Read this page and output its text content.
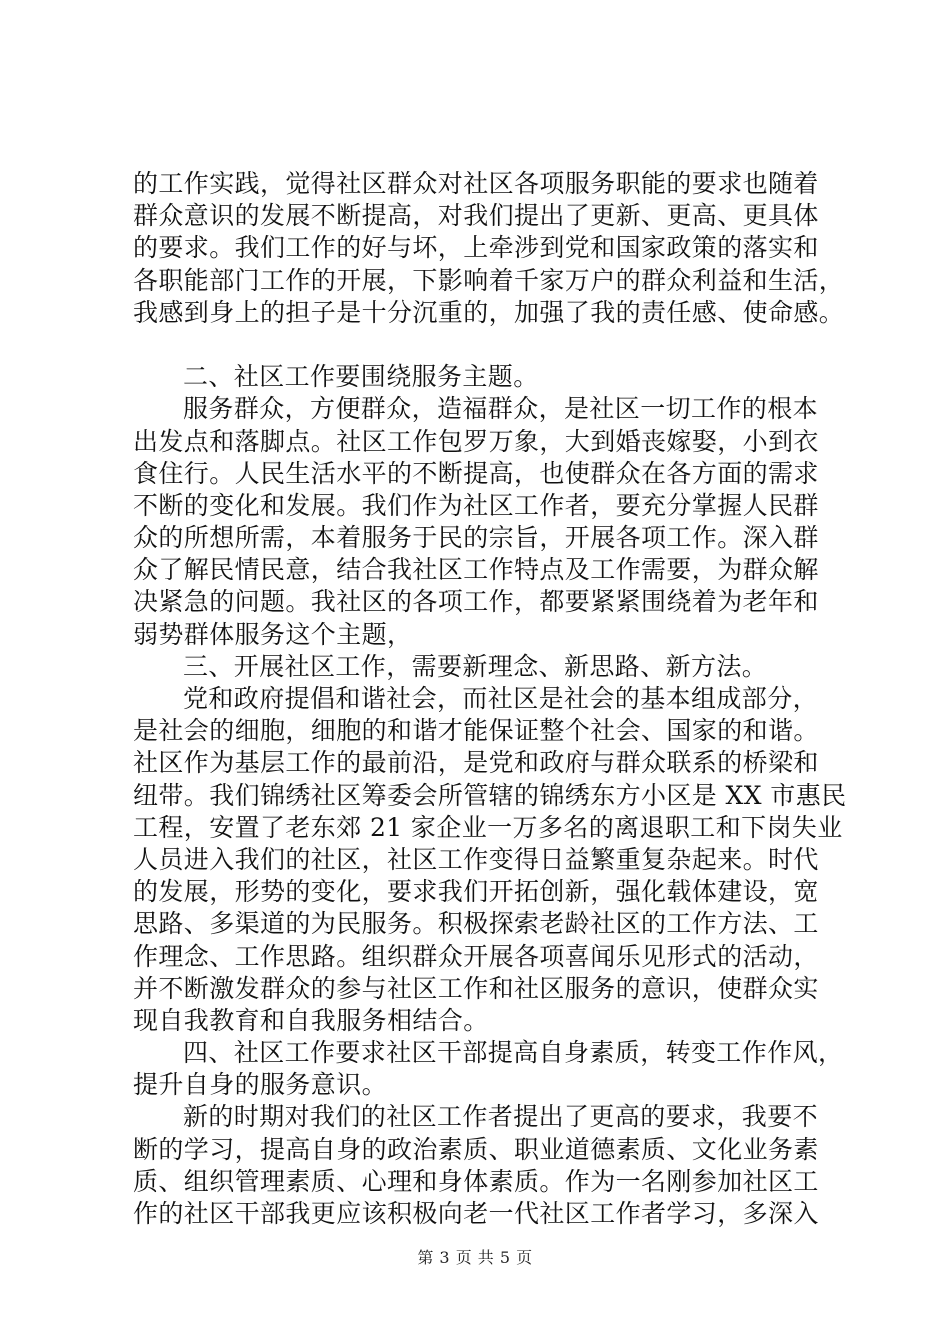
的工作实践，觉得社区群众对社区各项服务职能的要求也随着
群众意识的发展不断提高，对我们提出了更新、更高、更具体
的要求。我们工作的好与坏，上牵涉到党和国家政策的落实和
各职能部门工作的开展，下影响着千家万户的群众利益和生活，
我感到身上的担子是十分沉重的，加强了我的责任感、使命感。
二、社区工作要围绕服务主题。
服务群众，方便群众，造福群众，是社区一切工作的根本
出发点和落脚点。社区工作包罗万象，大到婚丧嫁娶，小到衣
食住行。人民生活水平的不断提高，也使群众在各方面的需求
不断的变化和发展。我们作为社区工作者，要充分掌握人民群
众的所想所需，本着服务于民的宗旨，开展各项工作。深入群
众了解民情民意，结合我社区工作特点及工作需要，为群众解
决紧急的问题。我社区的各项工作，都要紧紧围绕着为老年和
弱势群体服务这个主题，
三、开展社区工作，需要新理念、新思路、新方法。
党和政府提倡和谐社会，而社区是社会的基本组成部分，
是社会的细胞，细胞的和谐才能保证整个社会、国家的和谐。
社区作为基层工作的最前沿，是党和政府与群众联系的桥梁和
纽带。我们锦绣社区筹委会所管辖的锦绣东方小区是 XX 市惠民
工程，安置了老东郊 21 家企业一万多名的离退职工和下岗失业
人员进入我们的社区，社区工作变得日益繁重复杂起来。时代
的发展，形势的变化，要求我们开拓创新，强化载体建设，宽
思路、多渠道的为民服务。积极探索老龄社区的工作方法、工
作理念、工作思路。组织群众开展各项喜闻乐见形式的活动，
并不断激发群众的参与社区工作和社区服务的意识，使群众实
现自我教育和自我服务相结合。
四、社区工作要求社区干部提高自身素质，转变工作作风，
提升自身的服务意识。
新的时期对我们的社区工作者提出了更高的要求，我要不
断的学习，提高自身的政治素质、职业道德素质、文化业务素
质、组织管理素质、心理和身体素质。作为一名刚参加社区工
作的社区干部我更应该积极向老一代社区工作者学习，多深入
第 3 页 共 5 页
